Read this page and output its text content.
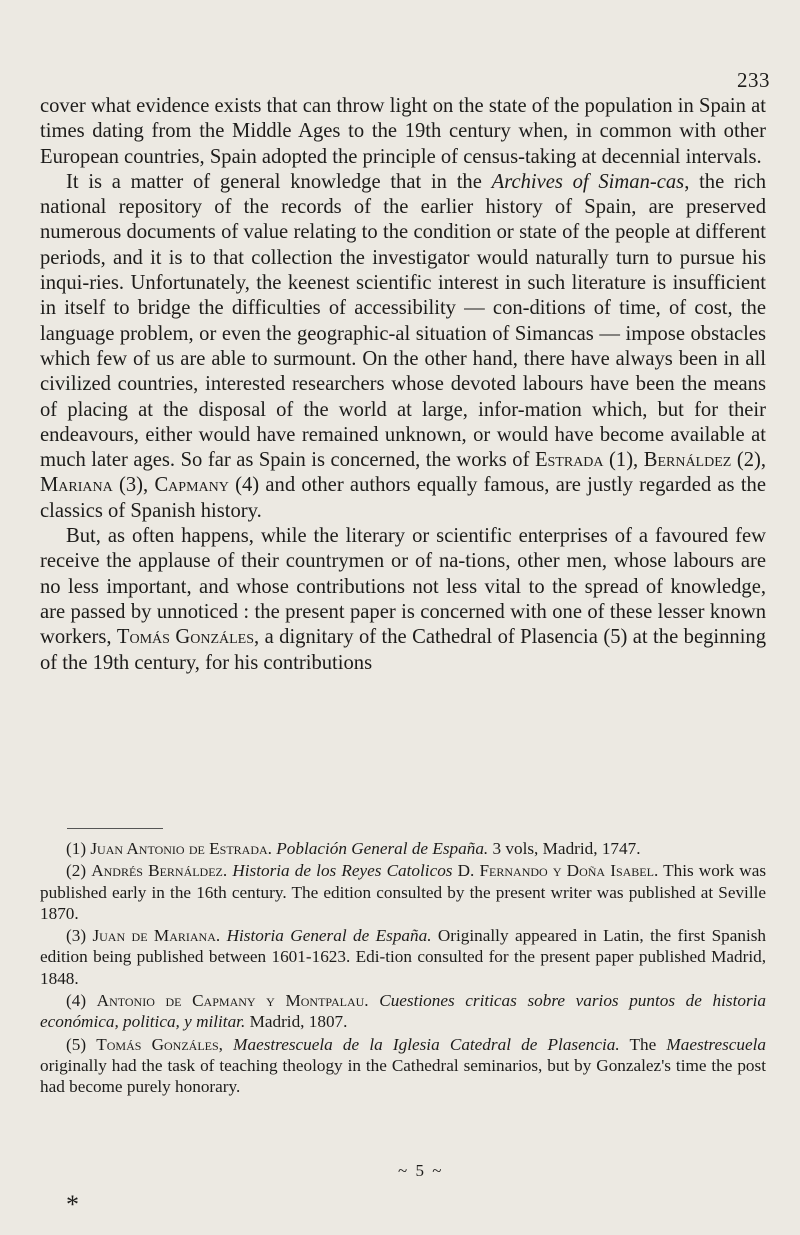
233

cover what evidence exists that can throw light on the state of the population in Spain at times dating from the Middle Ages to the 19th century when, in common with other European countries, Spain adopted the principle of census-taking at decennial intervals.

It is a matter of general knowledge that in the Archives of Siman-cas, the rich national repository of the records of the earlier history of Spain, are preserved numerous documents of value relating to the condition or state of the people at different periods, and it is to that collection the investigator would naturally turn to pursue his inqui-ries. Unfortunately, the keenest scientific interest in such literature is insufficient in itself to bridge the difficulties of accessibility — con-ditions of time, of cost, the language problem, or even the geographic-al situation of Simancas — impose obstacles which few of us are able to surmount. On the other hand, there have always been in all civilized countries, interested researchers whose devoted labours have been the means of placing at the disposal of the world at large, infor-mation which, but for their endeavours, either would have remained unknown, or would have become available at much later ages. So far as Spain is concerned, the works of Estrada (1), Bernáldez (2), Mariana (3), Capmany (4) and other authors equally famous, are justly regarded as the classics of Spanish history.

But, as often happens, while the literary or scientific enterprises of a favoured few receive the applause of their countrymen or of na-tions, other men, whose labours are no less important, and whose contributions not less vital to the spread of knowledge, are passed by unnoticed : the present paper is concerned with one of these lesser known workers, Tomás Gonzáles, a dignitary of the Cathedral of Plasencia (5) at the beginning of the 19th century, for his contributions

(1) Juan Antonio de Estrada. Población General de España. 3 vols, Madrid, 1747.

(2) Andrés Bernáldez. Historia de los Reyes Catolicos D. Fernando y Doña Isabel. This work was published early in the 16th century. The edition consulted by the present writer was published at Seville 1870.

(3) Juan de Mariana. Historia General de España. Originally appeared in Latin, the first Spanish edition being published between 1601-1623. Edi-tion consulted for the present paper published Madrid, 1848.

(4) Antonio de Capmany y Montpalau. Cuestiones criticas sobre varios puntos de historia económica, politica, y militar. Madrid, 1807.

(5) Tomás Gonzáles, Maestrescuela de la Iglesia Catedral de Plasencia. The Maestrescuela originally had the task of teaching theology in the Cathedral seminarios, but by Gonzalez's time the post had become purely honorary.

~ 5 ~
*
